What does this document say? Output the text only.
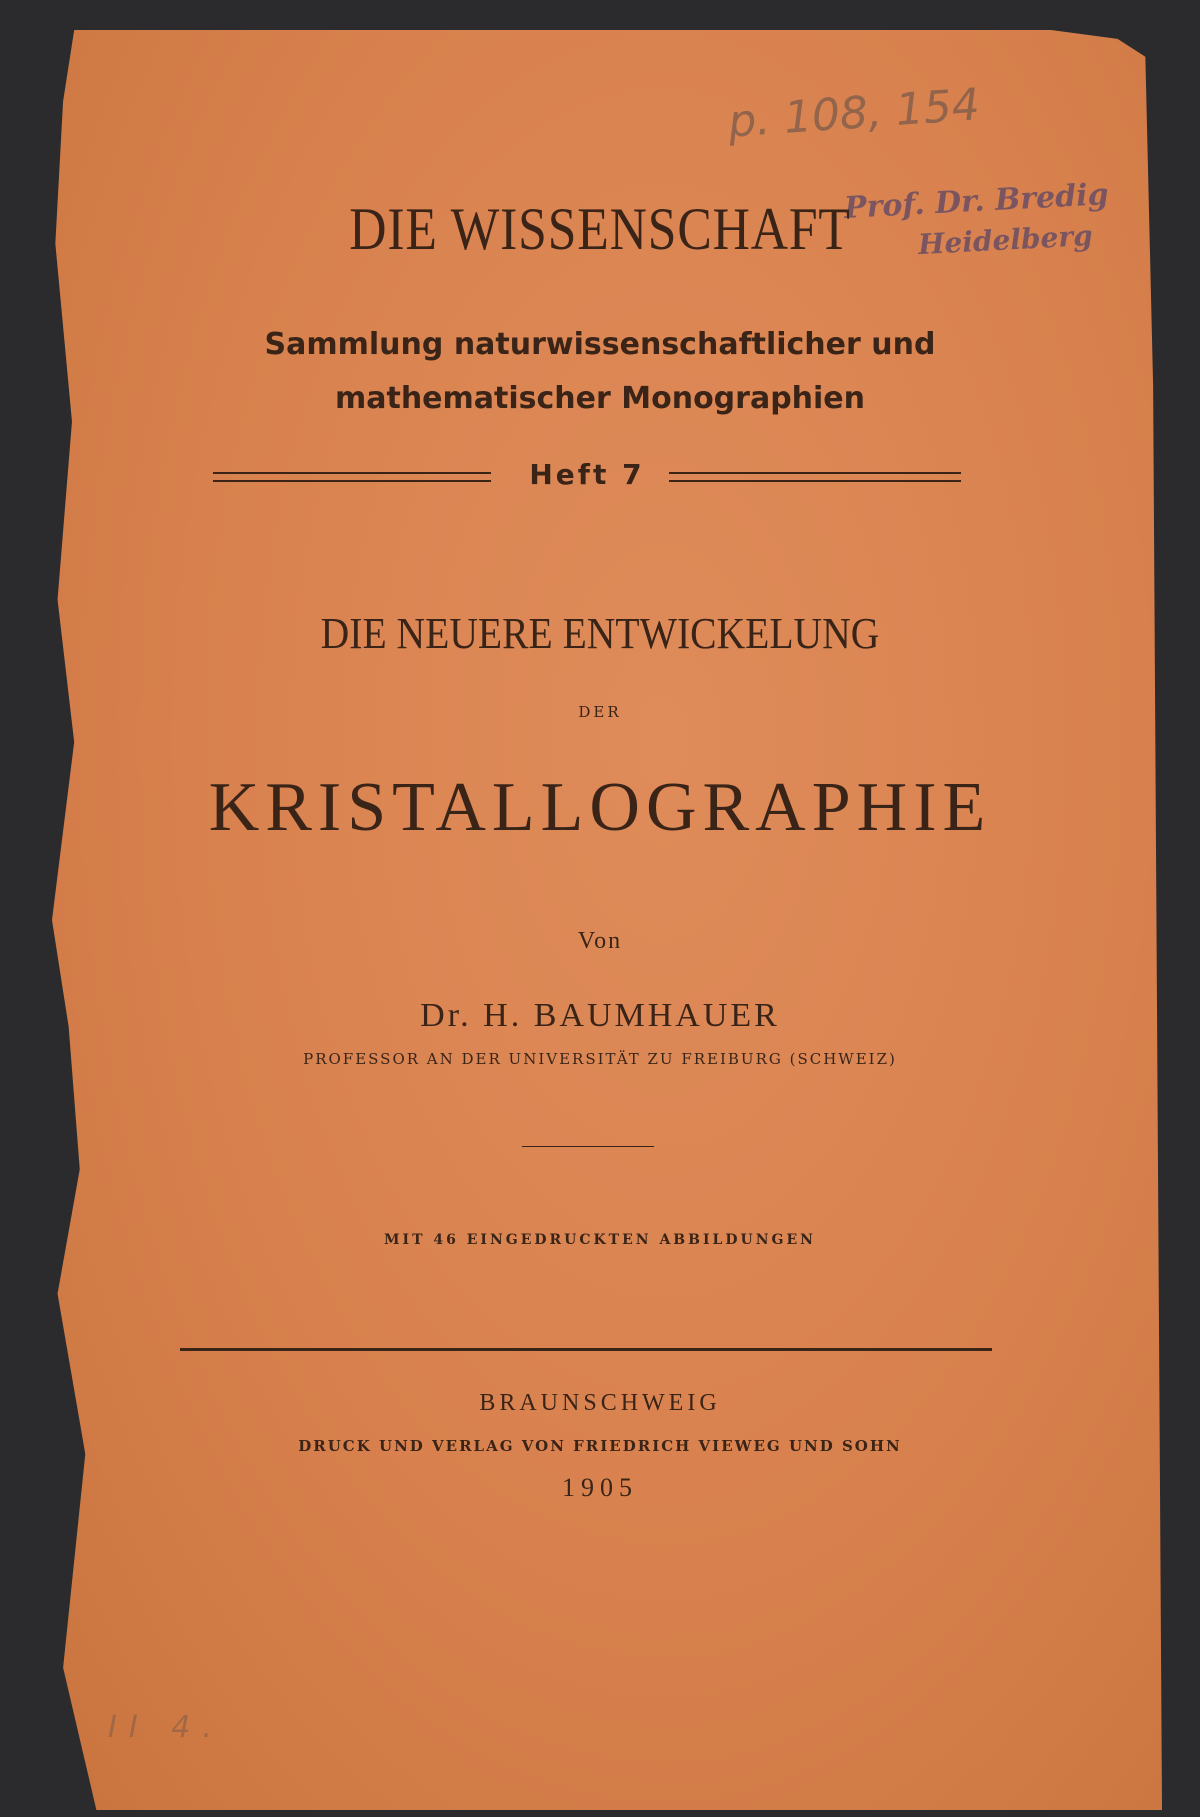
p. 108, 154
Prof. Dr. Bredig
Heidelberg
DIE WISSENSCHAFT
Sammlung naturwissenschaftlicher und
mathematischer Monographien
Heft 7
DIE NEUERE ENTWICKELUNG
DER
KRISTALLOGRAPHIE
Von
Dr. H. BAUMHAUER
PROFESSOR AN DER UNIVERSITÄT ZU FREIBURG (SCHWEIZ)
MIT 46 EINGEDRUCKTEN ABBILDUNGEN
BRAUNSCHWEIG
DRUCK UND VERLAG VON FRIEDRICH VIEWEG UND SOHN
1905
ІІ 4.
